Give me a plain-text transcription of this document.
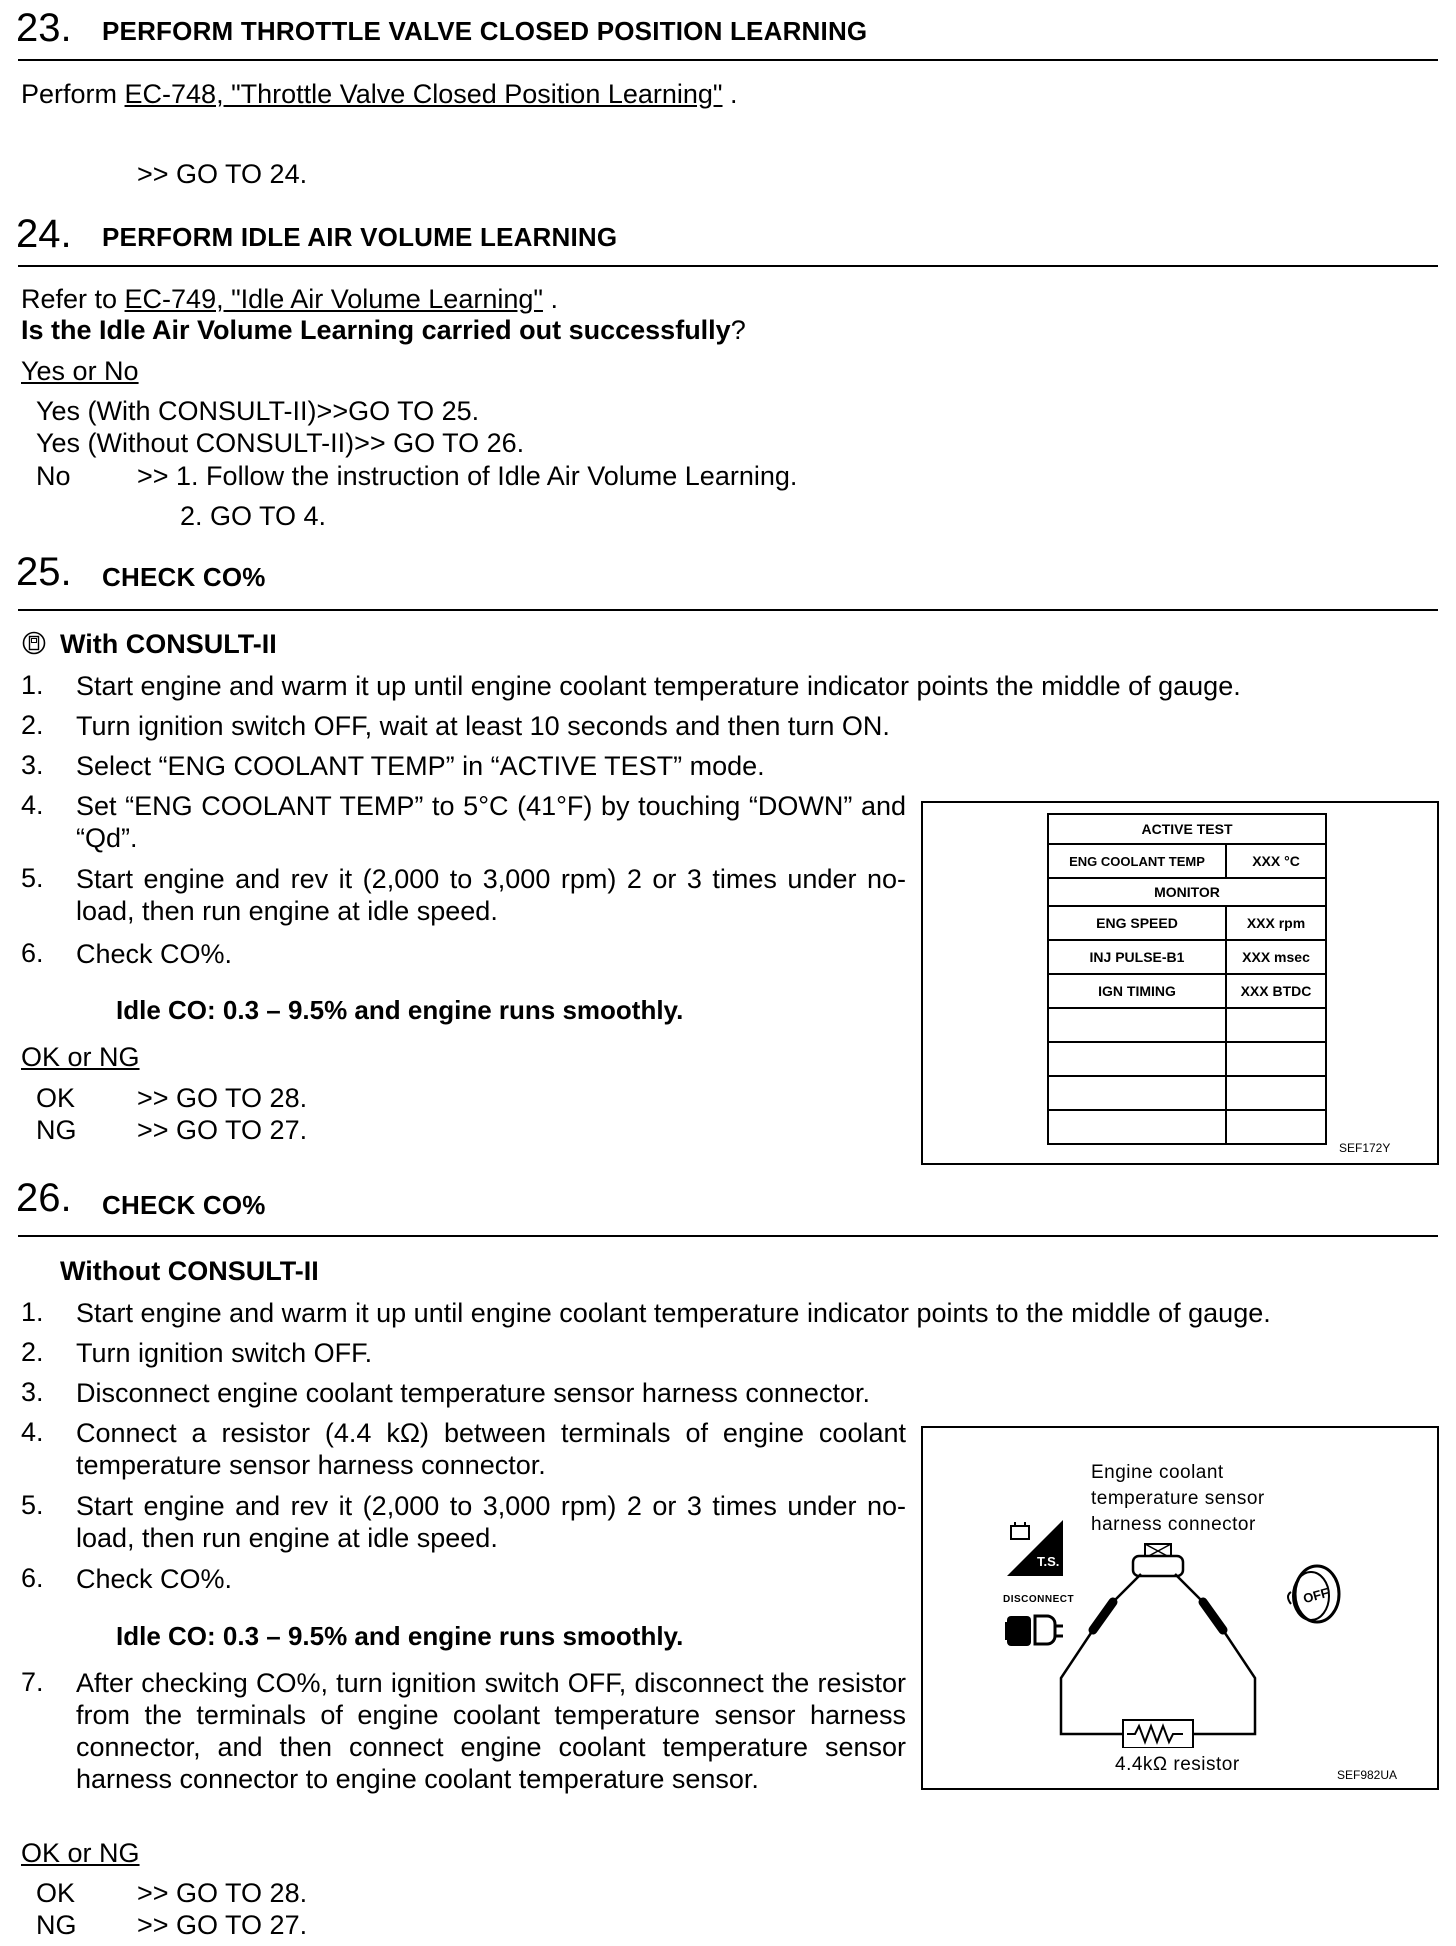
23. PERFORM THROTTLE VALVE CLOSED POSITION LEARNING
Perform EC-748, "Throttle Valve Closed Position Learning" .
>> GO TO 24.
24. PERFORM IDLE AIR VOLUME LEARNING
Refer to EC-749, "Idle Air Volume Learning" .
Is the Idle Air Volume Learning carried out successfully?
Yes or No
Yes (With CONSULT-II)>>GO TO 25.
Yes (Without CONSULT-II)>> GO TO 26.
No >> 1. Follow the instruction of Idle Air Volume Learning.
2. GO TO 4.
25. CHECK CO%
With CONSULT-II
1. Start engine and warm it up until engine coolant temperature indicator points the middle of gauge.
2. Turn ignition switch OFF, wait at least 10 seconds and then turn ON.
3. Select “ENG COOLANT TEMP” in “ACTIVE TEST” mode.
4. Set “ENG COOLANT TEMP” to 5°C (41°F) by touching “DOWN” and “Qd”.
5. Start engine and rev it (2,000 to 3,000 rpm) 2 or 3 times under no-load, then run engine at idle speed.
6. Check CO%.
Idle CO: 0.3 – 9.5% and engine runs smoothly.
OK or NG
OK >> GO TO 28.
NG >> GO TO 27.
ACTIVE TEST	
ENG COOLANT TEMP	XXX °C
MONITOR	
ENG SPEED	XXX rpm
INJ PULSE-B1	XXX msec
IGN TIMING	XXX BTDC

SEF172Y
26. CHECK CO%
Without CONSULT-II
1. Start engine and warm it up until engine coolant temperature indicator points to the middle of gauge.
2. Turn ignition switch OFF.
3. Disconnect engine coolant temperature sensor harness connector.
4. Connect a resistor (4.4 kΩ) between terminals of engine coolant temperature sensor harness connector.
5. Start engine and rev it (2,000 to 3,000 rpm) 2 or 3 times under no-load, then run engine at idle speed.
6. Check CO%.
Idle CO: 0.3 – 9.5% and engine runs smoothly.
7. After checking CO%, turn ignition switch OFF, disconnect the resistor from the terminals of engine coolant temperature sensor harness connector, and then connect engine coolant temperature sensor harness connector to engine coolant temperature sensor.
OK or NG
OK >> GO TO 28.
NG >> GO TO 27.
Engine coolant
temperature sensor
harness connector
T.S.
DISCONNECT	OFF
4.4kΩ resistor	SEF982UA
